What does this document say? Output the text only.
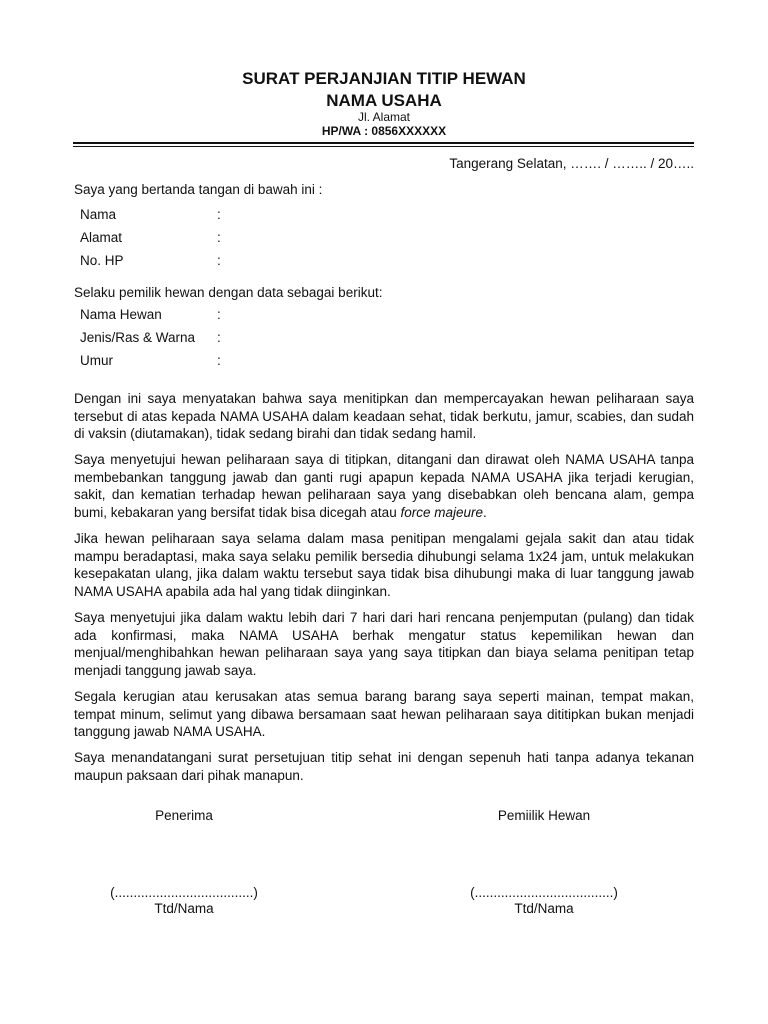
SURAT PERJANJIAN TITIP HEWAN
NAMA USAHA
Jl. Alamat
HP/WA : 0856XXXXXX
Tangerang Selatan, ……. / …….. / 20…..
Saya yang bertanda tangan di bawah ini :
Nama	:
Alamat	:
No. HP	:
Selaku pemilik hewan dengan data sebagai berikut:
Nama Hewan	:
Jenis/Ras & Warna :
Umur	:

Dengan ini saya menyatakan bahwa saya menitipkan dan mempercayakan hewan peliharaan saya tersebut di atas kepada NAMA USAHA dalam keadaan sehat, tidak berkutu, jamur, scabies, dan sudah di vaksin (diutamakan), tidak sedang birahi dan tidak sedang hamil.

Saya menyetujui hewan peliharaan saya di titipkan, ditangani dan dirawat oleh NAMA USAHA tanpa membebankan tanggung jawab dan ganti rugi apapun kepada NAMA USAHA jika terjadi kerugian, sakit, dan kematian terhadap hewan peliharaan saya yang disebabkan oleh bencana alam, gempa bumi, kebakaran yang bersifat tidak bisa dicegah atau force majeure.

Jika hewan peliharaan saya selama dalam masa penitipan mengalami gejala sakit dan atau tidak mampu beradaptasi, maka saya selaku pemilik bersedia dihubungi selama 1x24 jam, untuk melakukan kesepakatan ulang, jika dalam waktu tersebut saya tidak bisa dihubungi maka di luar tanggung jawab NAMA USAHA apabila ada hal yang tidak diinginkan.

Saya menyetujui jika dalam waktu lebih dari 7 hari dari hari rencana penjemputan (pulang) dan tidak ada konfirmasi, maka NAMA USAHA berhak mengatur status kepemilikan hewan dan menjual/menghibahkan hewan peliharaan saya yang saya titipkan dan biaya selama penitipan tetap menjadi tanggung jawab saya.

Segala kerugian atau kerusakan atas semua barang barang saya seperti mainan, tempat makan, tempat minum, selimut yang dibawa bersamaan saat hewan peliharaan saya dititipkan bukan menjadi tanggung jawab NAMA USAHA.

Saya menandatangani surat persetujuan titip sehat ini dengan sepenuh hati tanpa adanya tekanan maupun paksaan dari pihak manapun.

Penerima	Pemiilik Hewan
(.....................................)	(.....................................)
Ttd/Nama	Ttd/Nama
